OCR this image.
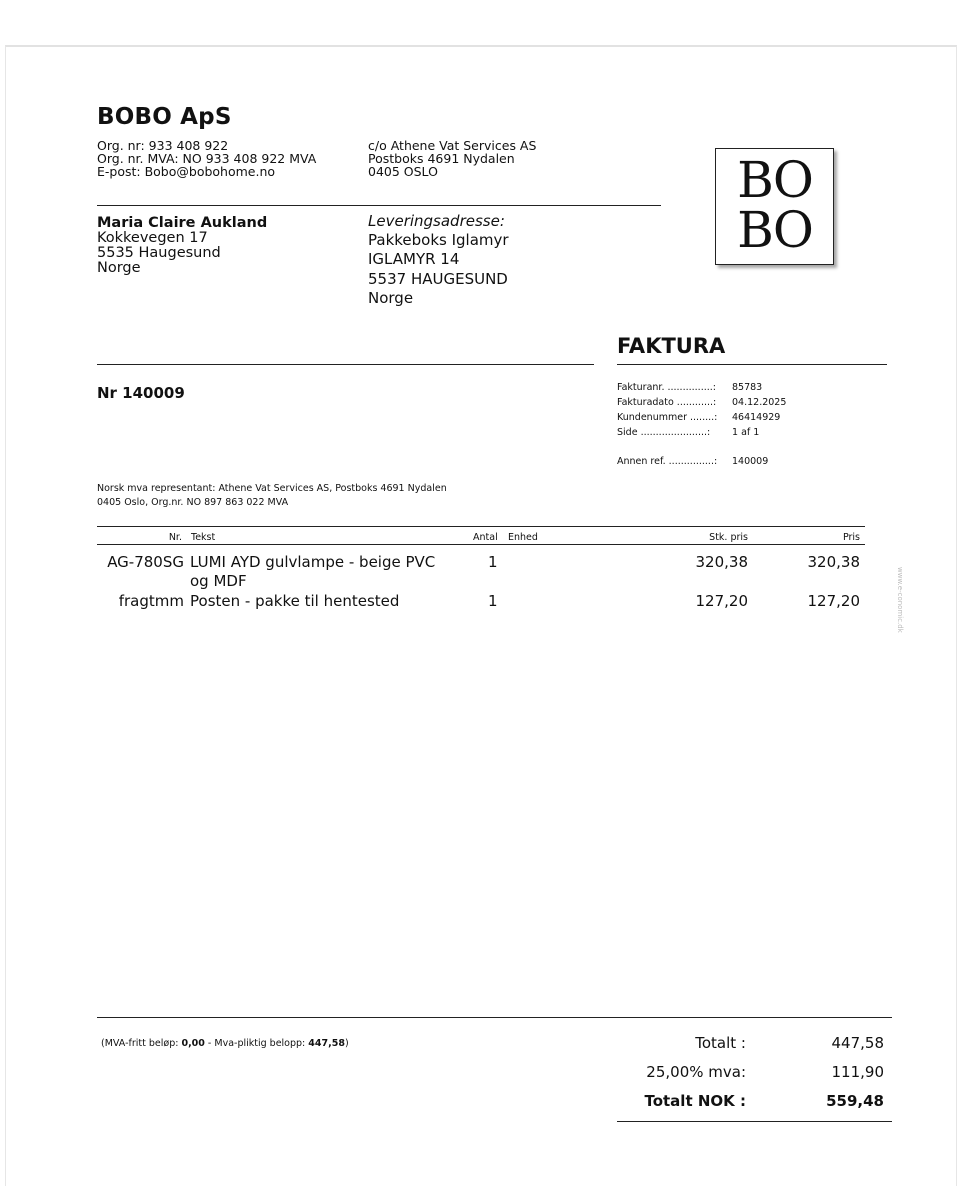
BOBO ApS
Org. nr: 933 408 922
Org. nr. MVA: NO 933 408 922 MVA
E-post: Bobo@bobohome.no
c/o Athene Vat Services AS
Postboks 4691 Nydalen
0405 OSLO	BO
BO
Maria Claire Aukland
Kokkevegen 17
5535 Haugesund
Norge
Leveringsadresse:
Pakkeboks Iglamyr
IGLAMYR 14
5537 HAUGESUND
Norge
FAKTURA
Nr 140009	Fakturanr. ...............: 85783
Fakturadato ............: 04.12.2025
Kundenummer ........: 46414929
Side ......................: 1 af 1
Annen ref. ...............: 140009
Norsk mva representant: Athene Vat Services AS, Postboks 4691 Nydalen
0405 Oslo, Org.nr. NO 897 863 022 MVA
Nr. Tekst	Antal Enhed	Stk. pris	Pris
AG-780SG LUMI AYD gulvlampe - beige PVC
og MDF
1	320,38	320,38
fragtmm Posten - pakke til hentested	1	127,20	127,20	www.e-conomic.dk
(MVA-fritt beløp: 0,00 - Mva-pliktig belopp: 447,58)	Totalt :	447,58
25,00% mva:	111,90
Totalt NOK :	559,48
